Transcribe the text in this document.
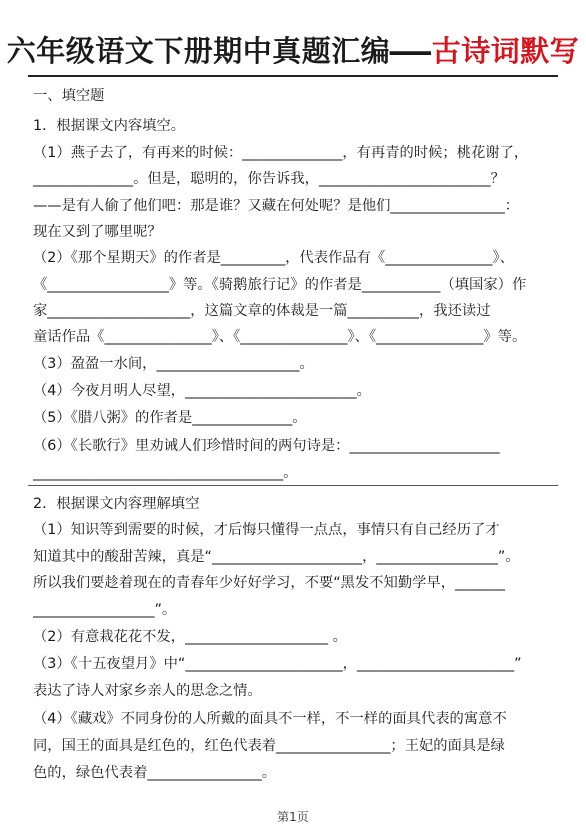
六年级语文下册期中真题汇编—古诗词默写
一、填空题
1．根据课文内容填空。
（1）燕子去了，有再来的时候：______________，有再青的时候；桃花谢了，
______________。但是，聪明的，你告诉我，________________________？
——是有人偷了他们吧：那是谁？又藏在何处呢？是他们________________：
现在又到了哪里呢？
（2）《那个星期天》的作者是_________，代表作品有《_______________》、
《_________________》等。《骑鹅旅行记》的作者是___________（填国家）作
家____________________，这篇文章的体裁是一篇__________，我还读过
童话作品《_______________》、《_______________》、《_______________》等。
（3）盈盈一水间，____________________。
（4）今夜月明人尽望，________________________。
（5）《腊八粥》的作者是______________。
（6）《长歌行》里劝诫人们珍惜时间的两句诗是：_____________________
___________________________________。
2．根据课文内容理解填空
（1）知识等到需要的时候，才后悔只懂得一点点，事情只有自己经历了才
知道其中的酸甜苦辣，真是“_____________________，_________________”。
所以我们要趁着现在的青春年少好好学习，不要“黑发不知勤学早，_______
_________________”。
（2）有意栽花花不发，____________________ 。
（3）《十五夜望月》中“______________________，______________________”
表达了诗人对家乡亲人的思念之情。
（4）《藏戏》不同身份的人所戴的面具不一样，不一样的面具代表的寓意不
同，国王的面具是红色的，红色代表着________________；王妃的面具是绿
色的，绿色代表着________________。
第1页
